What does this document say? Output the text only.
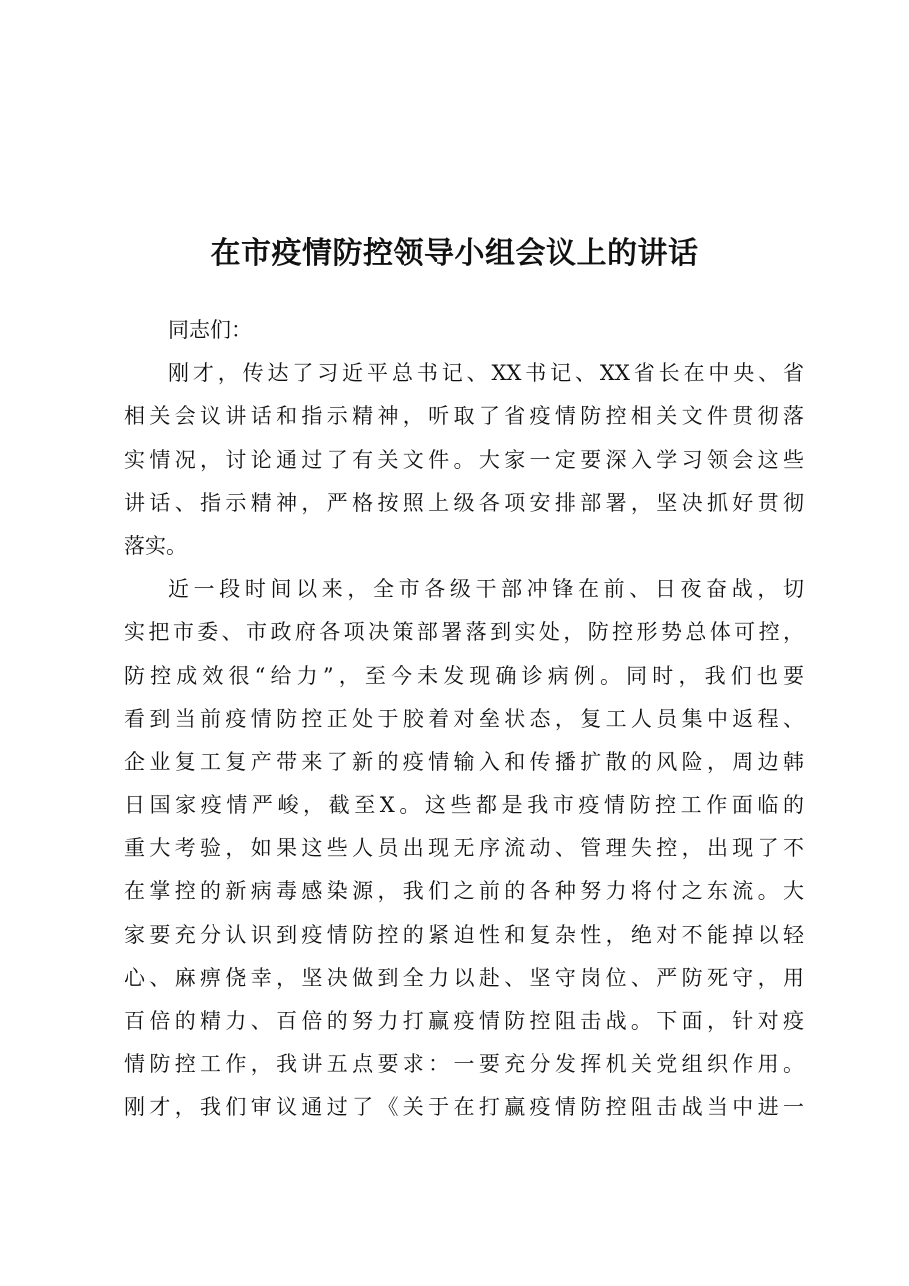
在市疫情防控领导小组会议上的讲话
同志们：
刚才，传达了习近平总书记、XX书记、XX省长在中央、省
相关会议讲话和指示精神，听取了省疫情防控相关文件贯彻落
实情况，讨论通过了有关文件。大家一定要深入学习领会这些
讲话、指示精神，严格按照上级各项安排部署，坚决抓好贯彻
落实。
近一段时间以来，全市各级干部冲锋在前、日夜奋战，切
实把市委、市政府各项决策部署落到实处，防控形势总体可控，
防控成效很“给力”，至今未发现确诊病例。同时，我们也要
看到当前疫情防控正处于胶着对垒状态，复工人员集中返程、
企业复工复产带来了新的疫情输入和传播扩散的风险，周边韩
日国家疫情严峻，截至X。这些都是我市疫情防控工作面临的
重大考验，如果这些人员出现无序流动、管理失控，出现了不
在掌控的新病毒感染源，我们之前的各种努力将付之东流。大
家要充分认识到疫情防控的紧迫性和复杂性，绝对不能掉以轻
心、麻痹侥幸，坚决做到全力以赴、坚守岗位、严防死守，用
百倍的精力、百倍的努力打赢疫情防控阻击战。下面，针对疫
情防控工作，我讲五点要求：一要充分发挥机关党组织作用。
刚才，我们审议通过了《关于在打赢疫情防控阻击战当中进一
